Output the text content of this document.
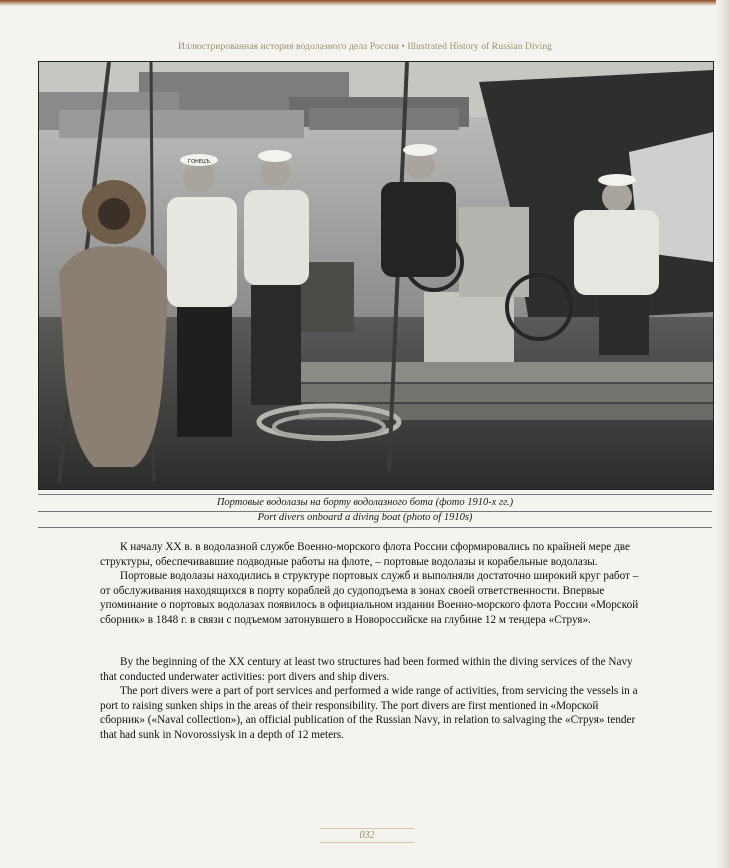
Иллюстрированная история водолазного дела России • Illustrated History of Russian Diving
ГОНЕЦЪ
Портовые водолазы на борту водолазного бота (фото 1910-х гг.)
Port divers onboard a diving boat (photo of 1910s)

К началу XX в. в водолазной службе Военно-морского флота России сформировались по крайней мере две структуры, обеспечивавшие подводные работы на флоте, – портовые водолазы и корабельные водолазы.

Портовые водолазы находились в структуре портовых служб и выполняли достаточно широкий круг работ – от обслуживания находящихся в порту кораблей до судоподъема в зонах своей ответственности. Впервые упоминание о портовых водолазах появилось в официальном издании Военно-морского флота России «Морской сборник» в 1848 г. в связи с подъемом затонувшего в Новороссийске на глубине 12 м тендера «Струя».

By the beginning of the XX century at least two structures had been formed within the diving services of the Navy that conducted underwater activities: port divers and ship divers.

The port divers were a part of port services and performed a wide range of activities, from servicing the vessels in a port to raising sunken ships in the areas of their responsibility. The port divers are first mentioned in «Морской сборник» («Naval collection»), an official publication of the Russian Navy, in relation to salvaging the «Струя» tender that had sunk in Novorossiysk in a depth of 12 meters.

032
